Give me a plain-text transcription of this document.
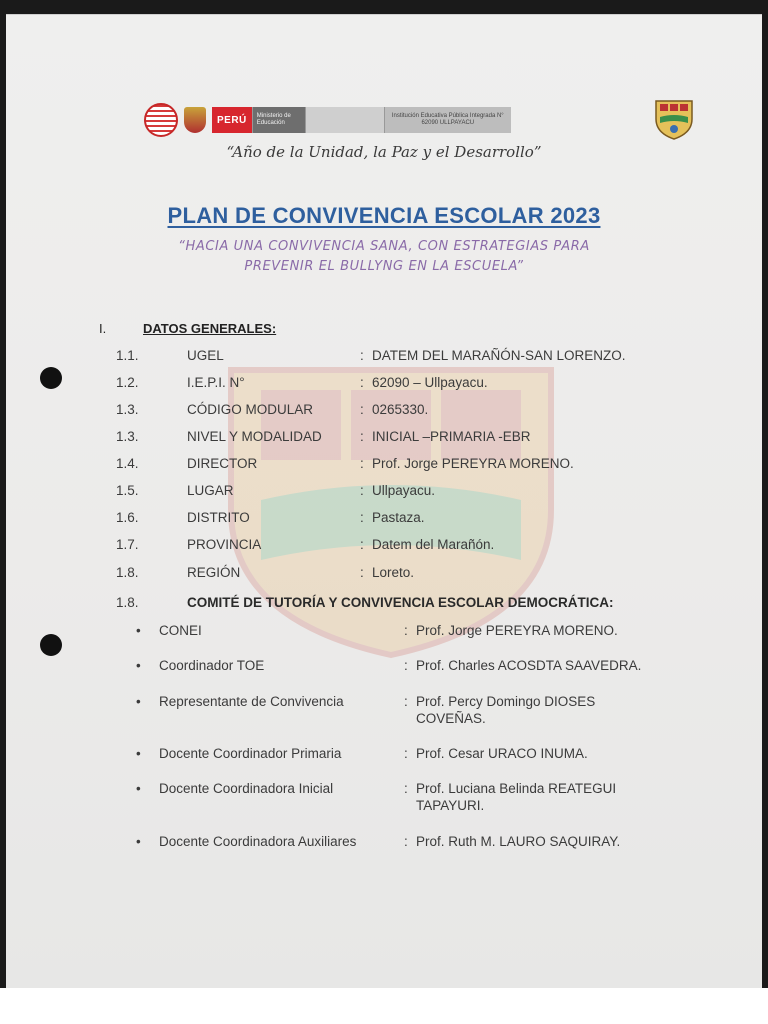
PERÚ	Ministerio de Educación
Institución Educativa Pública Integrada N° 62090 ULLPAYACU
“Año de la Unidad, la Paz y el Desarrollo”
PLAN DE CONVIVENCIA ESCOLAR 2023
“HACIA UNA CONVIVENCIA SANA, CON ESTRATEGIAS PARA
PREVENIR EL BULLYNG EN LA ESCUELA”
I.	DATOS GENERALES:
1.1.	UGEL	: DATEM DEL MARAÑÓN-SAN LORENZO.
1.2.	I.E.P.I. N°	: 62090 – Ullpayacu.
1.3.	CÓDIGO MODULAR	: 0265330.
1.3.	NIVEL Y MODALIDAD	: INICIAL –PRIMARIA -EBR
1.4.	DIRECTOR	: Prof. Jorge PEREYRA MORENO.
1.5.	LUGAR	: Ullpayacu.
1.6.	DISTRITO	: Pastaza.
1.7.	PROVINCIA	: Datem del Marañón.
1.8.	REGIÓN	: Loreto.
1.8.	COMITÉ DE TUTORÍA Y CONVIVENCIA ESCOLAR DEMOCRÁTICA:
• CONEI	: Prof. Jorge PEREYRA MORENO.
• Coordinador TOE	: Prof. Charles ACOSDTA SAAVEDRA.
• Representante de Convivencia	: Prof. Percy Domingo DIOSES COVEÑAS.
• Docente Coordinador Primaria	: Prof. Cesar URACO INUMA.
• Docente Coordinadora Inicial	: Prof. Luciana Belinda REATEGUI TAPAYURI.
• Docente Coordinadora Auxiliares	: Prof. Ruth M. LAURO SAQUIRAY.
